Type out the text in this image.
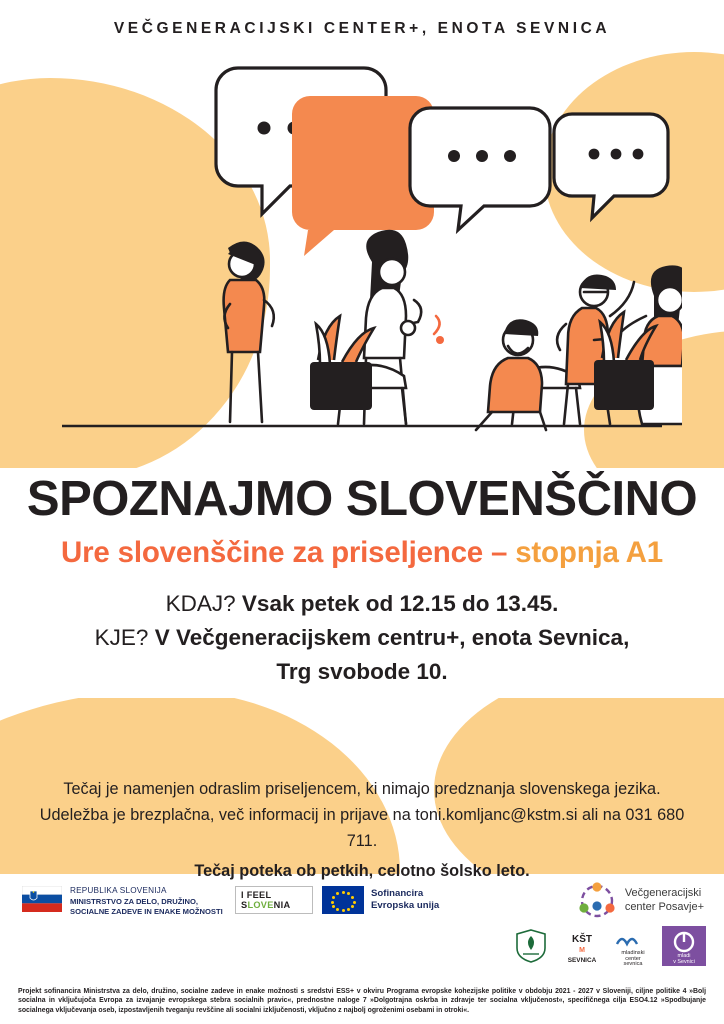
VEČGENERACIJSKI CENTER+, ENOTA SEVNICA
SPOZNAJMO SLOVENŠČINO
Ure slovenščine za priseljence – stopnja A1
KDAJ? Vsak petek od 12.15 do 13.45.
KJE? V Večgeneracijskem centru+, enota Sevnica,
Trg svobode 10.
Tečaj je namenjen odraslim priseljencem, ki nimajo predznanja slovenskega jezika. Udeležba je brezplačna, več informacij in prijave na toni.komljanc@kstm.si ali na 031 680 711.
Tečaj poteka ob petkih, celotno šolsko leto.
REPUBLIKA SLOVENIJA
MINISTRSTVO ZA DELO, DRUŽINO,
SOCIALNE ZADEVE IN ENAKE MOŽNOSTI
I FEEL
SLOVENIA
Sofinancira
Evropska unija
Večgeneracijski
center Posavje+
KŠT
M
SEVNICA
mladinski
center
sevnica
mladi
v Sevnici
Projekt sofinancira Ministrstva za delo, družino, socialne zadeve in enake možnosti s sredstvi ESS+ v okviru Programa evropske kohezijske politike v obdobju 2021 - 2027 v Sloveniji, ciljne politike 4 »Bolj socialna in vključujoča Evropa za izvajanje evropskega stebra socialnih pravic«, prednostne naloge 7 »Dolgotrajna oskrba in zdravje ter socialna vključenost«, specifičnega cilja ESO4.12 »Spodbujanje socialnega vključevanja oseb, izpostavljenih tveganju revščine ali socialni izključenosti, vključno z najbolj ogroženimi osebami in otroki«.
